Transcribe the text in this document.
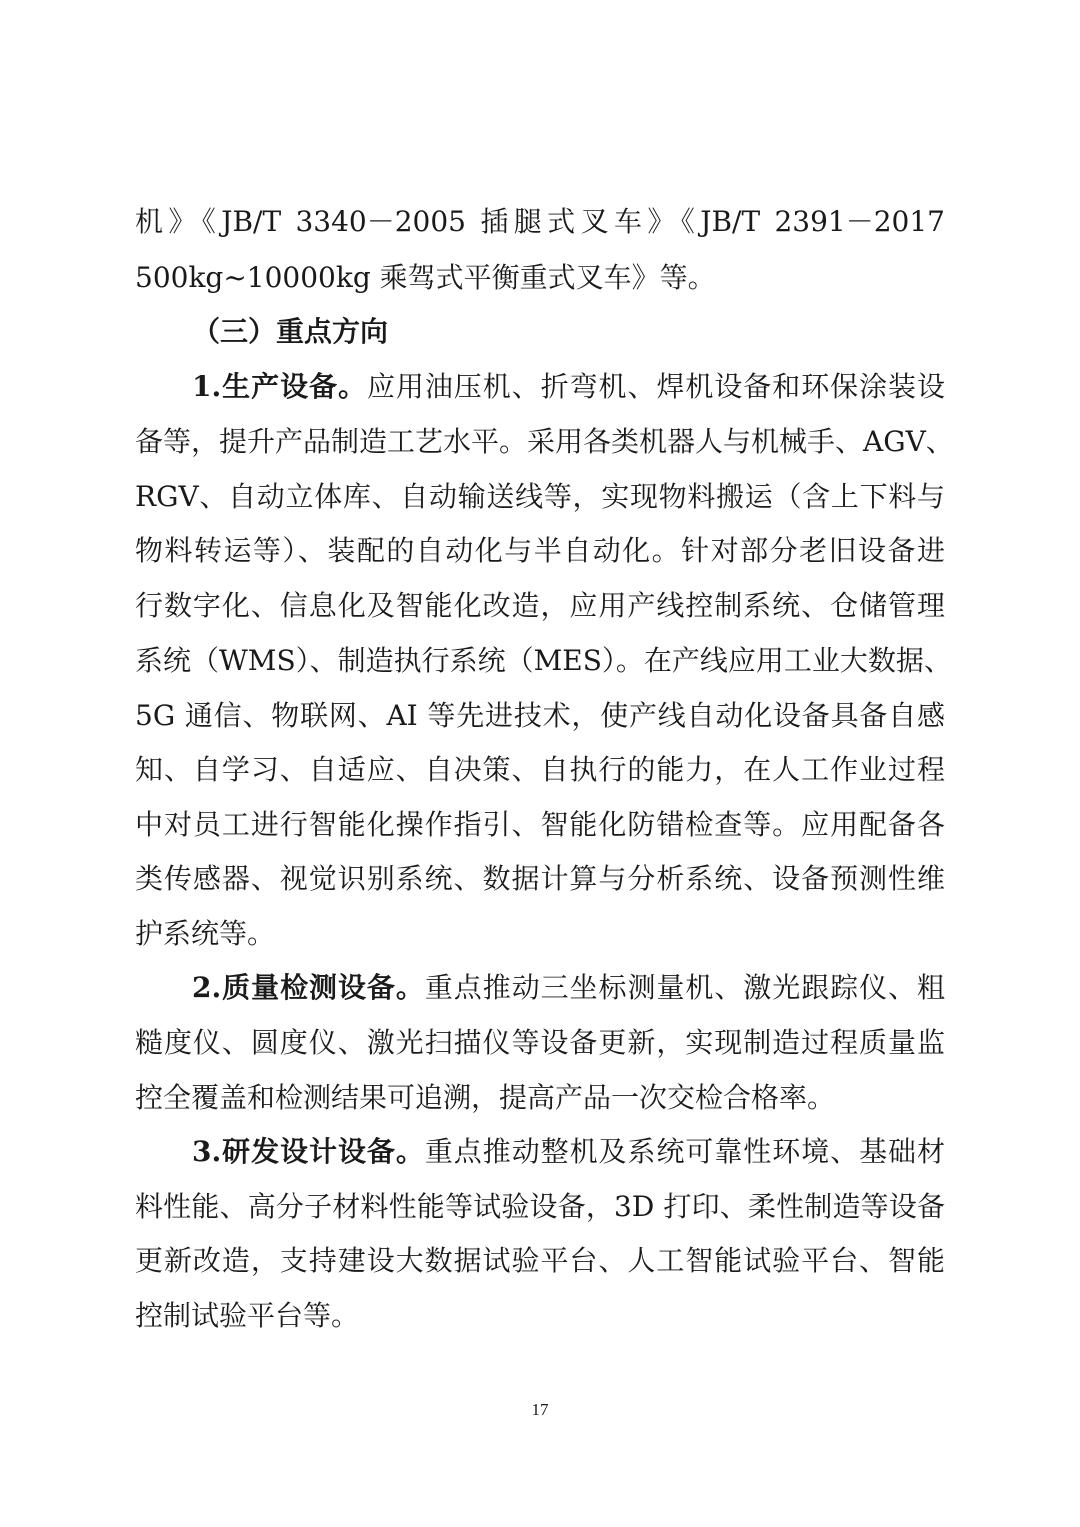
机》《JB/T 3340－2005 插腿式叉车》《JB/T 2391－2017
500kg~10000kg 乘驾式平衡重式叉车》等。
（三）重点方向
1.生产设备。应用油压机、折弯机、焊机设备和环保涂装设
备等，提升产品制造工艺水平。采用各类机器人与机械手、AGV、
RGV、自动立体库、自动输送线等，实现物料搬运（含上下料与
物料转运等）、装配的自动化与半自动化。针对部分老旧设备进
行数字化、信息化及智能化改造，应用产线控制系统、仓储管理
系统（WMS）、制造执行系统（MES）。在产线应用工业大数据、
5G 通信、物联网、AI 等先进技术，使产线自动化设备具备自感
知、自学习、自适应、自决策、自执行的能力，在人工作业过程
中对员工进行智能化操作指引、智能化防错检查等。应用配备各
类传感器、视觉识别系统、数据计算与分析系统、设备预测性维
护系统等。
2.质量检测设备。重点推动三坐标测量机、激光跟踪仪、粗
糙度仪、圆度仪、激光扫描仪等设备更新，实现制造过程质量监
控全覆盖和检测结果可追溯，提高产品一次交检合格率。
3.研发设计设备。重点推动整机及系统可靠性环境、基础材
料性能、高分子材料性能等试验设备，3D 打印、柔性制造等设备
更新改造，支持建设大数据试验平台、人工智能试验平台、智能
控制试验平台等。
17
